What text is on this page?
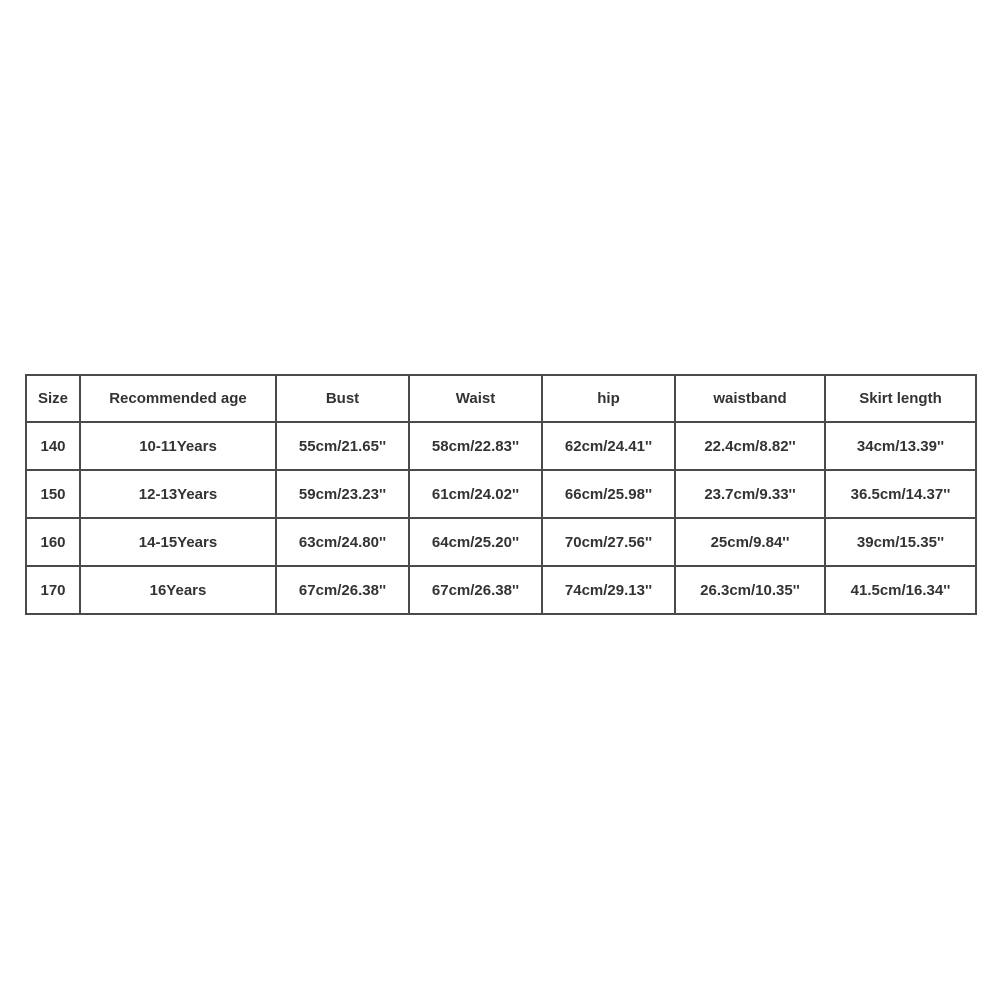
Size	Recommended age	Bust	Waist	hip	waistband	Skirt length
140	10-11Years	55cm/21.65''	58cm/22.83''	62cm/24.41''	22.4cm/8.82''	34cm/13.39''
150	12-13Years	59cm/23.23''	61cm/24.02''	66cm/25.98''	23.7cm/9.33''	36.5cm/14.37''
160	14-15Years	63cm/24.80''	64cm/25.20''	70cm/27.56''	25cm/9.84''	39cm/15.35''
170	16Years	67cm/26.38''	67cm/26.38''	74cm/29.13''	26.3cm/10.35''	41.5cm/16.34''
